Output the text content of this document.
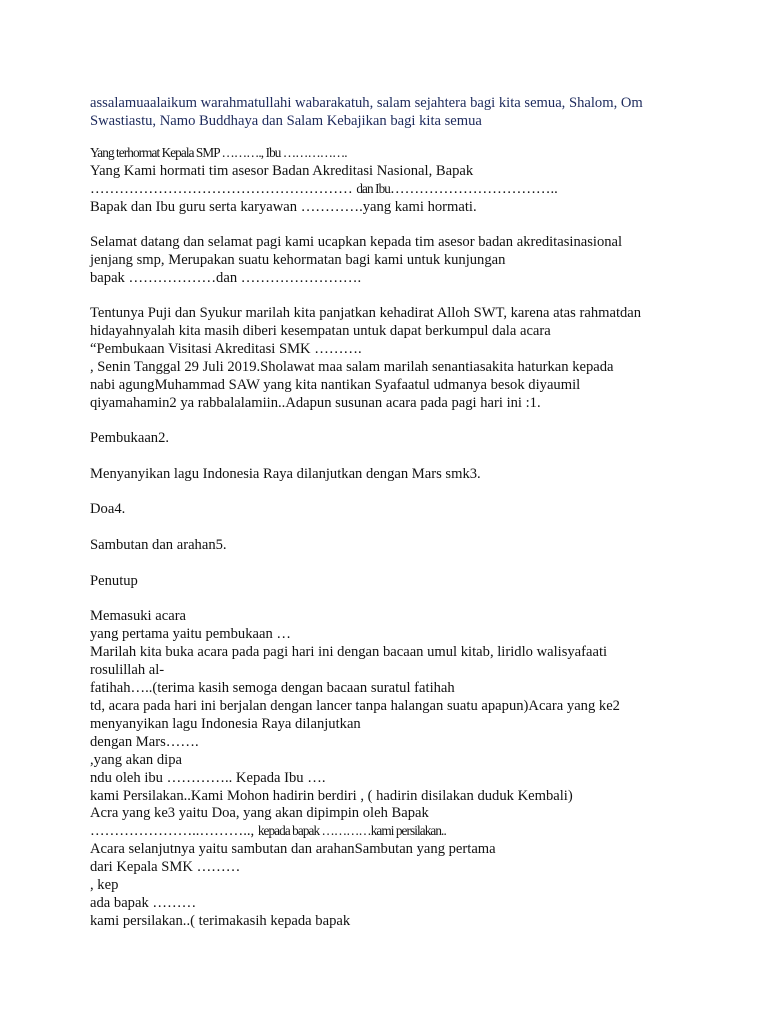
assalamuaalaikum warahmatullahi wabarakatuh, salam sejahtera bagi kita semua, Shalom, Om
Swastiastu, Namo Buddhaya dan Salam Kebajikan bagi kita semua
Yang terhormat Kepala SMP ………., Ibu …………….
Yang Kami hormati tim asesor Badan Akreditasi Nasional, Bapak
……………………………………………… dan Ibu……………………………..
Bapak dan Ibu guru serta karyawan ………….yang kami hormati.
Selamat datang dan selamat pagi kami ucapkan kepada tim asesor badan akreditasinasional
jenjang smp, Merupakan suatu kehormatan bagi kami untuk kunjungan
bapak ………………dan …………………….
Tentunya Puji dan Syukur marilah kita panjatkan kehadirat Alloh SWT, karena atas rahmatdan
hidayahnyalah kita masih diberi kesempatan untuk dapat berkumpul dala acara
“Pembukaan Visitasi Akreditasi SMK ……….
, Senin Tanggal 29 Juli 2019.Sholawat maa salam marilah senantiasakita haturkan kepada
nabi agungMuhammad SAW yang kita nantikan Syafaatul udmanya besok diyaumil
qiyamahamin2 ya rabbalalamiin..Adapun susunan acara pada pagi hari ini :1.
Pembukaan2.
Menyanyikan lagu Indonesia Raya dilanjutkan dengan Mars smk3.
Doa4.
Sambutan dan arahan5.
Penutup
Memasuki acara
yang pertama yaitu pembukaan …
Marilah kita buka acara pada pagi hari ini dengan bacaan umul kitab, liridlo walisyafaati
rosulillah al-
fatihah…..(terima kasih semoga dengan bacaan suratul fatihah
td, acara pada hari ini berjalan dengan lancer tanpa halangan suatu apapun)Acara yang ke2
menyanyikan lagu Indonesia Raya dilanjutkan
dengan Mars…….
,yang akan dipa
ndu oleh ibu ………….. Kepada Ibu ….
kami Persilakan..Kami Mohon hadirin berdiri , ( hadirin disilakan duduk Kembali)
Acra yang ke3 yaitu Doa, yang akan dipimpin oleh Bapak
…………………..……….., kepada bapak …………kami persilakan..
Acara selanjutnya yaitu sambutan dan arahanSambutan yang pertama
dari Kepala SMK ………
, kep
ada bapak ………
kami persilakan..( terimakasih kepada bapak
